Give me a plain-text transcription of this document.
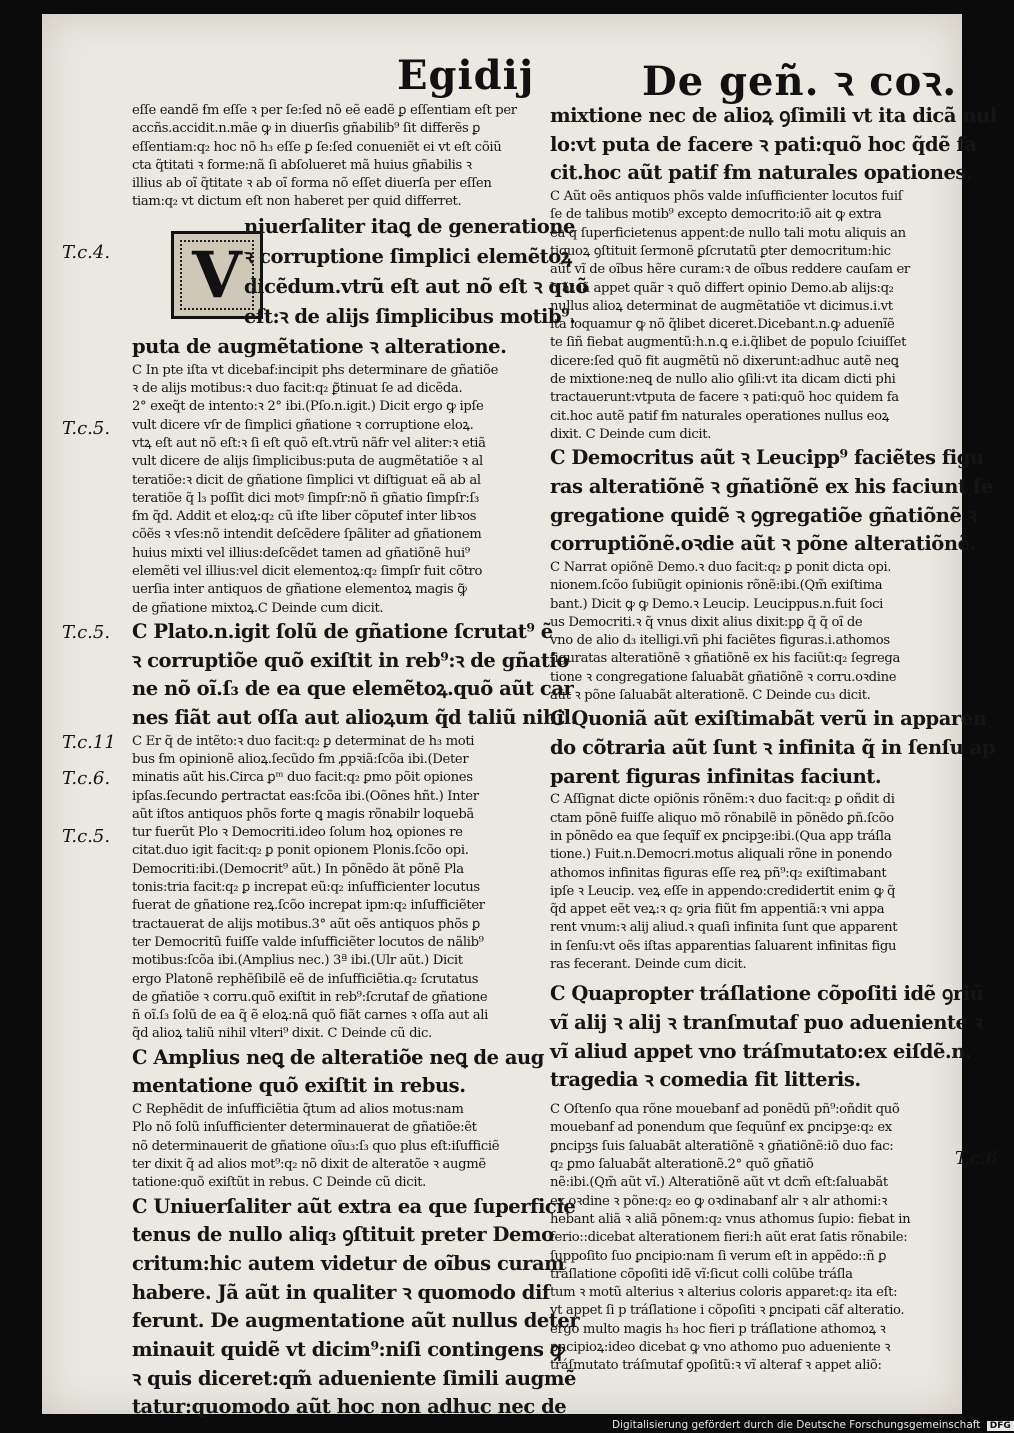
Egidij	De geñ. ꝛ coꝛ.
V
eſſe eandẽ ẜm eſſe ꝛ per ſe:ſed nõ eẽ eadẽ ꝑ eſſentiam eſt per
accñs.accidit.n.mãe ꝙ in diuerſis gñabilib⁹ ſit differẽs ꝑ
eſſentiam:q₂ hoc nõ h₃ eſſe ꝑ ſe:ſed conueniẽt ei vt eſt cõiũ
cta q̃titati ꝛ forme:nã ſi abſolueret mã huius gñabilis ꝛ
illius ab oĩ q̃titate ꝛ ab oĩ forma nõ eſſet diuerſa per eſſen
tiam:q₂ vt dictum eſt non haberet per quid differret.
niuerſaliter itaꝗ de generatione
ꝛ corruptione ſimplici elemẽtoꝝ
dicẽdum.vtrũ eſt aut nõ eſt ꝛ quõ
eſt:ꝛ de alijs ſimplicibus motib⁹.
puta de augmẽtatione ꝛ alteratione.
C In pte iſta vt dicebaf:incipit phs determinare de gñatiõe
ꝛ de alijs motibus:ꝛ duo facit:q₂ ꝑ̃tinuat ſe ad dicẽda.
2° exeq̃t de intento:ꝛ 2° ibi.(Pſo.n.igit.) Dicit ergo ꝙ ipſe
vult dicere vſr de ſimplici gñatione ꝛ corruptione eloꝝ.
vtꝝ eſt aut nõ eſt:ꝛ ſi eſt quõ eſt.vtrũ nãfr vel aliter:ꝛ etiã
vult dicere de alijs ſimplicibus:puta de augmẽtatiõe ꝛ al
teratiõe:ꝛ dicit de gñatione ſimplici vt diſtiguat eã ab al
teratiõe q̃ l₃ poſſit dici motꝰ ſimpſr:nõ ñ gñatio ſimpſr:ſ₃
ẜm q̃d. Addit et eloꝝ:q₂ cũ iſte liber cõputef inter libꝛos
cõẽs ꝛ vſes:nõ intendit deſcẽdere ſpãliter ad gñationem
huius mixti vel illius:deſcẽdet tamen ad gñatiõnẽ hui⁹
elemẽti vel illius:vel dicit elementoꝝ:q₂ ſimpſr fuit cõtro
uerſia inter antiquos de gñatione elementoꝝ magis ꝙ̃
de gñatione mixtoꝝ.C Deinde cum dicit.
C Plato.n.igit ſolũ de gñatione ſcrutat⁹ ẽ
ꝛ corruptiõe quõ exiſtit in reb⁹:ꝛ de gñatio
ne nõ oĩ.ſ₃ de ea que elemẽtoꝝ.quõ aũt car
nes fiãt aut oſſa aut alioꝝum q̃d taliũ nihil.
C Er q̃ de intẽto:ꝛ duo facit:q₂ ꝑ determinat de h₃ moti
bus ẜm opinionẽ alioꝝ.ſecũdo ẜm ꝓpꝛiã:ſcõa ibi.(Deter
minatis aũt his.Circa ꝑᵐ duo facit:q₂ ꝑmo põit opiones
ipſas.ſecundo ꝑertractat eas:ſcõa ibi.(Oõnes hñt.) Inter
aũt iſtos antiquos phõs forte ꝗ magis rõnabilr loquebã
tur fuerũt Plo ꝛ Democriti.ideo ſolum hoꝝ opiones re
citat.duo igit facit:q₂ ꝑ ponit opionem Plonis.ſcõo opi.
Democriti:ibi.(Democrit⁹ aũt.) In põnẽdo ãt põnẽ Pla
tonis:tria facit:q₂ ꝑ increpat eũ:q₂ inſufficienter locutus
fuerat de gñatione reꝝ.ſcõo increpat ipm:q₂ inſufficiẽter
tractauerat de alijs motibus.3° aũt oẽs antiquos phõs ꝑ
ter Democritũ fuiſſe valde inſufficiẽter locutos de nãlib⁹
motibus:ſcõa ibi.(Amplius nec.) 3ª ibi.(Ulr aũt.) Dicit
ergo Platonẽ rephẽſibilẽ eẽ de inſufficiẽtia.q₂ ſcrutatus
de gñatiõe ꝛ corru.quõ exiſtit in reb⁹:ſcrutaf de gñatione
ñ oĩ.ſ₃ ſolũ de ea q̃ ẽ eloꝝ:nã quõ fiãt carnes ꝛ oſſa aut ali
q̃d alioꝝ taliũ nihil vlteri⁹ dixit. C Deinde cũ dic.
C Amplius neꝗ de alteratiõe neꝗ de aug
mentatione quõ exiſtit in rebus.
C Rephẽdit de inſufficiẽtia q̃tum ad alios motus:nam
Plo nõ ſolũ inſufficienter determinauerat de gñatiõe:ẽt
nõ determinauerit de gñatione oĩu₃:ſ₃ quo plus eſt:iſufficiẽ
ter dixit q̃ ad alios mot⁹:q₂ nõ dixit de alteratõe ꝛ augmẽ
tatione:quõ exiſtũt in rebus. C Deinde cũ dicit.
C Uniuerſaliter aũt extra ea que ſuperficie
tenus de nullo aliq₃ ꝯſtituit preter Demo
critum:hic autem videtur de oĩbus curam
habere. Jã aũt in qualiter ꝛ quomodo dif
ferunt. De augmentatione aũt nullus deter
minauit quidẽ vt dicim⁹:niſi contingens ꝙ
ꝛ quis diceret:qm̃ adueniente ſimili augmẽ
tatur:quomodo aũt hoc non adhuc nec de
mixtione nec de alioꝝ ꝯſimili vt ita dicã nul
lo:vt puta de facere ꝛ pati:quõ hoc q̃dẽ fa
cit.hoc aũt patif ẜm naturales opationes.
C Aũt oẽs antiquos phõs valde inſufficienter locutos fuiſ
ſe de talibus motib⁹ excepto democrito:iõ ait ꝙ extra
ea q̃ ſuperficietenus appent:de nullo tali motu aliquis an
tiquoꝝ ꝯſtituit ſermonẽ ꝑſcrutatũ ꝑter democritum:hic
aũt vĩ de oĩbus hẽre curam:ꝛ de oĩbus reddere cauſam er
h ãt iã appet quãr ꝛ quõ differt opinio Demo.ab alijs:q₂
nullus alioꝝ determinat de augmẽtatiõe vt dicimus.i.vt
ita loquamur ꝙ nõ q̃libet diceret.Dicebant.n.ꝙ aduenĩẽ
te ſiñ fiebat augmentũ:h.n.ꝗ e.i.q̃libet de populo ſciuiſſet
dicere:ſed quõ fit augmẽtũ nõ dixerunt:adhuc autẽ neꝗ
de mixtione:neꝗ de nullo alio ꝯſili:vt ita dicam dicti phi
tractauerunt:vtputa de facere ꝛ pati:quõ hoc quidem fa
cit.hoc autẽ patif ẜm naturales operationes nullus eoꝝ
dixit. C Deinde cum dicit.
C Democritus aũt ꝛ Leucipp⁹ faciẽtes figu
ras alteratiõnẽ ꝛ gñatiõnẽ ex his faciunt ſe
gregatione quidẽ ꝛ ꝯgregatiõe gñatiõnẽ ꝛ
corruptiõnẽ.oꝛdie aũt ꝛ põne alteratiõnẽ.
C Narrat opiõnẽ Demo.ꝛ duo facit:q₂ ꝑ ponit dicta opi.
nionem.ſcõo ſubiũgit opinionis rõnẽ:ibi.(Qm̃ exiſtima
bant.) Dicit ꝙ ꝙ Demo.ꝛ Leucip. Leucippus.n.fuit ſoci
us Democriti.ꝛ q̃ vnus dixit alius dixit:pꝑ q̃ q̃ oĩ de
vno de alio d₃ itelligi.vñ phi faciẽtes figuras.i.athomos
figuratas alteratiõnẽ ꝛ gñatiõnẽ ex his faciũt:q₂ ſegrega
tione ꝛ congregatione ſaluabãt gñatiõnẽ ꝛ corru.oꝛdine
aũt ꝛ põne ſaluabãt alterationẽ. C Deinde cu₃ dicit.
C Quoniã aũt exiſtimabãt verũ in apparen
do cõtraria aũt ſunt ꝛ infinita q̃ in ſenſu ap
parent figuras infinitas faciunt.
C Aſſignat dicte opiõnis rõnẽm:ꝛ duo facit:q₂ ꝑ oñdit di
ctam põnẽ fuiſſe aliquo mõ rõnabilẽ in põnẽdo ꝑñ.ſcõo
in põnẽdo ea que ſequĩf ex ꝑncipꝫe:ibi.(Qua app tráſla
tione.) Fuit.n.Democri.motus aliquali rõne in ponendo
athomos infinitas figuras eſſe reꝝ pñ⁹:q₂ exiſtimabant
ipſe ꝛ Leucip. veꝝ eſſe in appendo:credidertit enim ꝙ q̃
q̃d appet eẽt veꝝ:ꝛ q₂ ꝯria fiũt ẜm appentiã:ꝛ vni appa
rent vnum:ꝛ alij aliud.ꝛ quaſi infinita ſunt que apparent
in ſenſu:vt oẽs iſtas apparentias ſaluarent infinitas figu
ras fecerant. Deinde cum dicit.
C Quapropter tráſlatione cõpoſiti idẽ ꝯriũ
vĩ alij ꝛ alij ꝛ tranſmutaf puo adueniente ꝛ
vĩ aliud appet vno tráſmutato:ex eiſdẽ.n.
tragedia ꝛ comedia fit litteris.
C Oſtenſo qua rõne mouebanf ad ponẽdũ pñ⁹:oñdit quõ
mouebanf ad ponendum que ſequũnf ex ꝑncipꝫe:q₂ ex
ꝑncipꝫs ſuis ſaluabãt alteratiõnẽ ꝛ gñatiõnẽ:iõ duo fac:
q₂ ꝑmo ſaluabãt alterationẽ.2° quõ gñatiõ
nẽ:ibi.(Qm̃ aũt vĩ.) Alteratiõnẽ aũt vt dcm̃ eſt:ſaluabãt
ex oꝛdine ꝛ põne:q₂ eo ꝙ oꝛdinabanf alr ꝛ alr athomi:ꝛ
hebant aliã ꝛ aliã põnem:q₂ vnus athomus ſupio: fiebat in
ferio::dicebat alterationem fieri:h aũt erat ſatis rõnabile:
ſuppoſito ſuo ꝑncipio:nam ſi verum eſt in appẽdo::ñ ꝑ
tráſlatione cõpoſiti idẽ vĩ:ſicut colli colũbe tráſla
tum ꝛ motũ alterius ꝛ alterius coloris apparet:q₂ ita eſt:
vt appet ſi p tráſlatione i cõpoſiti ꝛ ꝑncipati cãf alteratio.
ergo multo magis h₃ hoc fieri p tráſlatione athomoꝝ ꝛ
ꝑncipioꝝ:ideo dicebat ꝙ vno athomo puo adueniente ꝛ
tráſmutato tráſmutaf ꝯpoſitũ:ꝛ vĩ alteraf ꝛ appet aliõ:
T.c.4.
T.c.5.
T.c.5.
T.c.11
T.c.6.
T.c.5.
T.c.6
Digitalisierung gefördert durch die Deutsche Forschungsgemeinschaft DFG
